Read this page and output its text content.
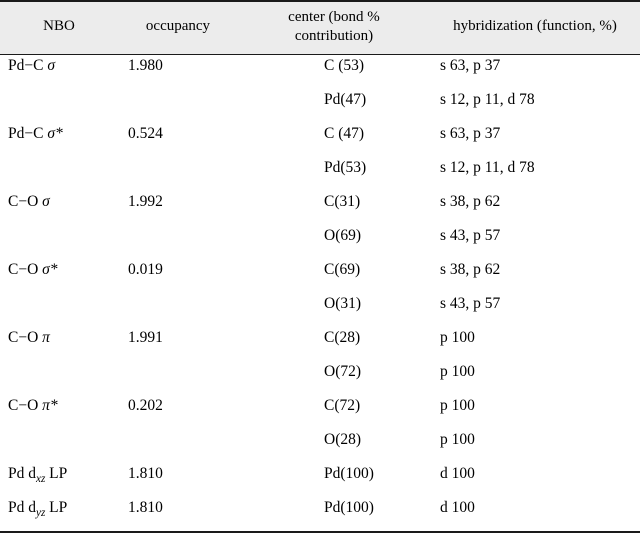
NBO	occupancy	center (bond % contribution)	hybridization (function, %)

Pd−C σ	1.980	C (53)	s 63, p 37
		Pd(47)	s 12, p 11, d 78
Pd−C σ*	0.524	C (47)	s 63, p 37
		Pd(53)	s 12, p 11, d 78
C−O σ	1.992	C(31)	s 38, p 62
		O(69)	s 43, p 57
C−O σ*	0.019	C(69)	s 38, p 62
		O(31)	s 43, p 57
C−O π	1.991	C(28)	p 100
		O(72)	p 100
C−O π*	0.202	C(72)	p 100
		O(28)	p 100
Pd $d_{xz}$ LP	1.810	Pd(100)	d 100
Pd $d_{yz}$ LP	1.810	Pd(100)	d 100
